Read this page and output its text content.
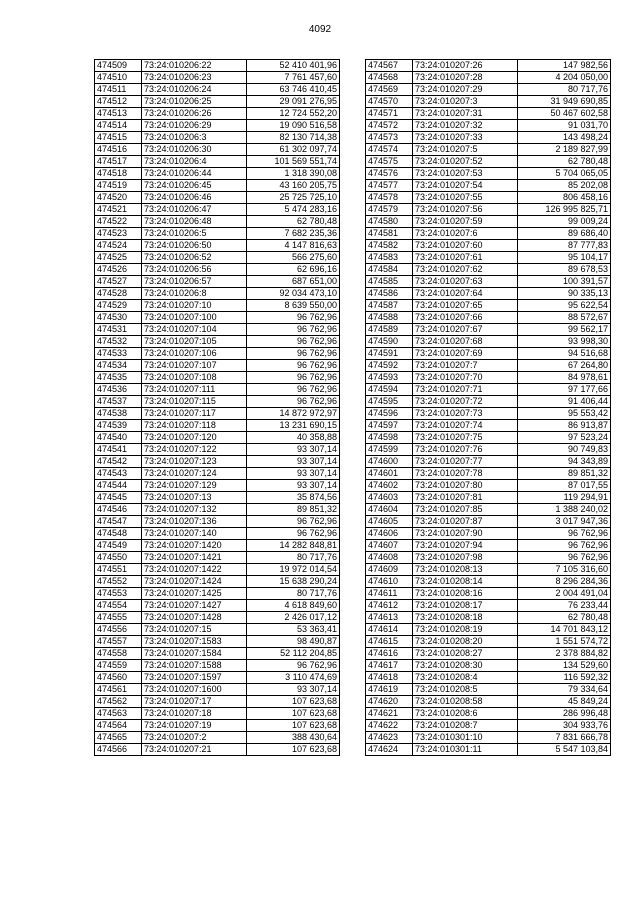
4092
474509	73:24:010206:22	52 410 401,96
474510	73:24:010206:23	7 761 457,60
474511	73:24:010206:24	63 746 410,45
474512	73:24:010206:25	29 091 276,95
474513	73:24:010206:26	12 724 552,20
474514	73:24:010206:29	19 090 516,58
474515	73:24:010206:3	82 130 714,38
474516	73:24:010206:30	61 302 097,74
474517	73:24:010206:4	101 569 551,74
474518	73:24:010206:44	1 318 390,08
474519	73:24:010206:45	43 160 205,75
474520	73:24:010206:46	25 725 725,10
474521	73:24:010206:47	5 474 283,16
474522	73:24:010206:48	62 780,48
474523	73:24:010206:5	7 682 235,36
474524	73:24:010206:50	4 147 816,63
474525	73:24:010206:52	566 275,60
474526	73:24:010206:56	62 696,16
474527	73:24:010206:57	687 651,00
474528	73:24:010206:8	92 034 473,10
474529	73:24:010207:10	8 639 550,00
474530	73:24:010207:100	96 762,96
474531	73:24:010207:104	96 762,96
474532	73:24:010207:105	96 762,96
474533	73:24:010207:106	96 762,96
474534	73:24:010207:107	96 762,96
474535	73:24:010207:108	96 762,96
474536	73:24:010207:111	96 762,96
474537	73:24:010207:115	96 762,96
474538	73:24:010207:117	14 872 972,97
474539	73:24:010207:118	13 231 690,15
474540	73:24:010207:120	40 358,88
474541	73:24:010207:122	93 307,14
474542	73:24:010207:123	93 307,14
474543	73:24:010207:124	93 307,14
474544	73:24:010207:129	93 307,14
474545	73:24:010207:13	35 874,56
474546	73:24:010207:132	89 851,32
474547	73:24:010207:136	96 762,96
474548	73:24:010207:140	96 762,96
474549	73:24:010207:1420	14 282 848,81
474550	73:24:010207:1421	80 717,76
474551	73:24:010207:1422	19 972 014,54
474552	73:24:010207:1424	15 638 290,24
474553	73:24:010207:1425	80 717,76
474554	73:24:010207:1427	4 618 849,60
474555	73:24:010207:1428	2 426 017,12
474556	73:24:010207:15	53 363,41
474557	73:24:010207:1583	98 490,87
474558	73:24:010207:1584	52 112 204,85
474559	73:24:010207:1588	96 762,96
474560	73:24:010207:1597	3 110 474,69
474561	73:24:010207:1600	93 307,14
474562	73:24:010207:17	107 623,68
474563	73:24:010207:18	107 623,68
474564	73:24:010207:19	107 623,68
474565	73:24:010207:2	388 430,64
474566	73:24:010207:21	107 623,68
474567	73:24:010207:26	147 982,56
474568	73:24:010207:28	4 204 050,00
474569	73:24:010207:29	80 717,76
474570	73:24:010207:3	31 949 690,85
474571	73:24:010207:31	50 467 602,58
474572	73:24:010207:32	91 031,70
474573	73:24:010207:33	143 498,24
474574	73:24:010207:5	2 189 827,99
474575	73:24:010207:52	62 780,48
474576	73:24:010207:53	5 704 065,05
474577	73:24:010207:54	85 202,08
474578	73:24:010207:55	806 458,16
474579	73:24:010207:56	126 995 825,71
474580	73:24:010207:59	99 009,24
474581	73:24:010207:6	89 686,40
474582	73:24:010207:60	87 777,83
474583	73:24:010207:61	95 104,17
474584	73:24:010207:62	89 678,53
474585	73:24:010207:63	100 391,57
474586	73:24:010207:64	90 335,13
474587	73:24:010207:65	95 622,54
474588	73:24:010207:66	88 572,67
474589	73:24:010207:67	99 562,17
474590	73:24:010207:68	93 998,30
474591	73:24:010207:69	94 516,68
474592	73:24:010207:7	67 264,80
474593	73:24:010207:70	84 978,61
474594	73:24:010207:71	97 177,66
474595	73:24:010207:72	91 406,44
474596	73:24:010207:73	95 553,42
474597	73:24:010207:74	86 913,87
474598	73:24:010207:75	97 523,24
474599	73:24:010207:76	90 749,83
474600	73:24:010207:77	94 343,89
474601	73:24:010207:78	89 851,32
474602	73:24:010207:80	87 017,55
474603	73:24:010207:81	119 294,91
474604	73:24:010207:85	1 388 240,02
474605	73:24:010207:87	3 017 947,36
474606	73:24:010207:90	96 762,96
474607	73:24:010207:94	96 762,96
474608	73:24:010207:98	96 762,96
474609	73:24:010208:13	7 105 316,60
474610	73:24:010208:14	8 296 284,36
474611	73:24:010208:16	2 004 491,04
474612	73:24:010208:17	76 233,44
474613	73:24:010208:18	62 780,48
474614	73:24:010208:19	14 701 843,12
474615	73:24:010208:20	1 551 574,72
474616	73:24:010208:27	2 378 884,82
474617	73:24:010208:30	134 529,60
474618	73:24:010208:4	116 592,32
474619	73:24:010208:5	79 334,64
474620	73:24:010208:58	45 849,24
474621	73:24:010208:6	286 996,48
474622	73:24:010208:7	304 933,76
474623	73:24:010301:10	7 831 666,78
474624	73:24:010301:11	5 547 103,84
